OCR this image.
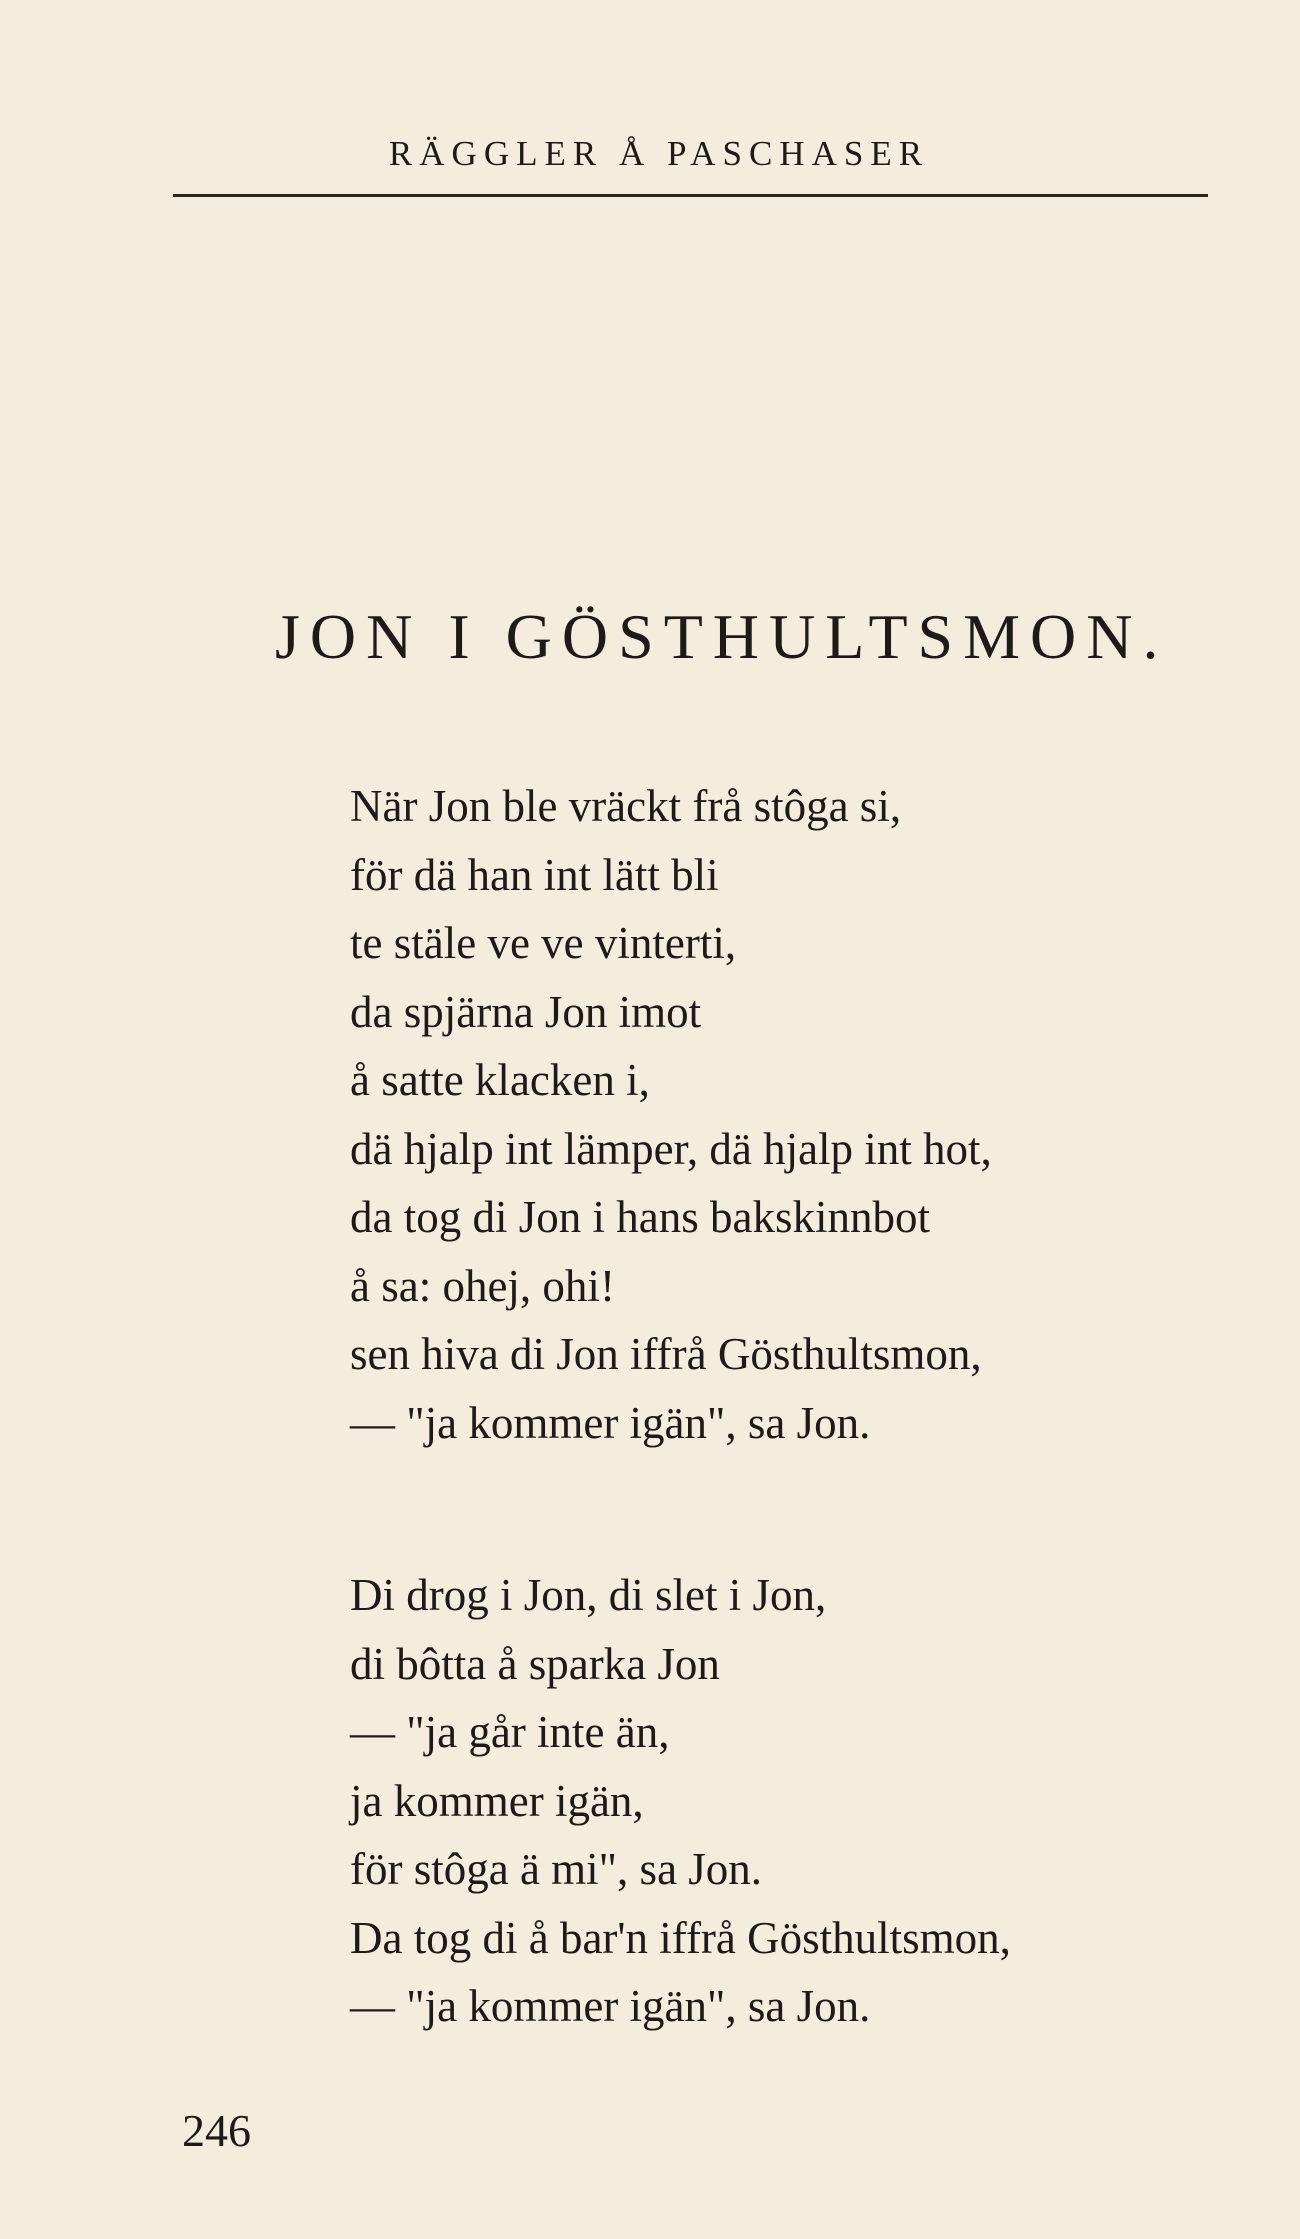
RÄGGLER Å PASCHASER
JON I GÖSTHULTSMON.
När Jon ble vräckt frå stôga si,
för dä han int lätt bli
te stäle ve ve vinterti,
da spjärna Jon imot
å satte klacken i,
dä hjalp int lämper, dä hjalp int hot,
da tog di Jon i hans bakskinnbot
å sa: ohej, ohi!
sen hiva di Jon iffrå Gösthultsmon,
— "ja kommer igän", sa Jon.
Di drog i Jon, di slet i Jon,
di bôtta å sparka Jon
— "ja går inte än,
ja kommer igän,
för stôga ä mi", sa Jon.
Da tog di å bar'n iffrå Gösthultsmon,
— "ja kommer igän", sa Jon.
246
